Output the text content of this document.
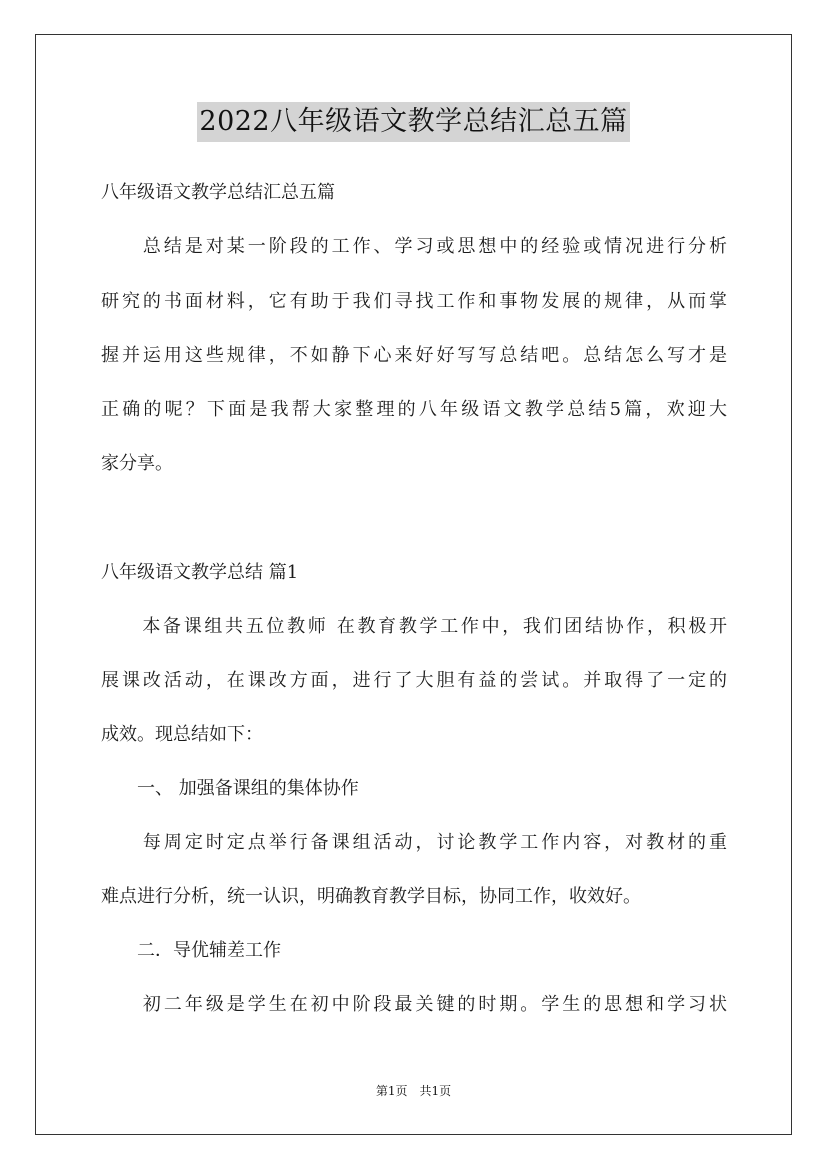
2022八年级语文教学总结汇总五篇
八年级语文教学总结汇总五篇
　　总结是对某一阶段的工作、学习或思想中的经验或情况进行分析
研究的书面材料，它有助于我们寻找工作和事物发展的规律，从而掌
握并运用这些规律，不如静下心来好好写写总结吧。总结怎么写才是
正确的呢？下面是我帮大家整理的八年级语文教学总结5篇，欢迎大
家分享。
八年级语文教学总结 篇1
　　本备课组共五位教师 在教育教学工作中，我们团结协作，积极开
展课改活动，在课改方面，进行了大胆有益的尝试。并取得了一定的
成效。现总结如下：
　　一、 加强备课组的集体协作
　　每周定时定点举行备课组活动，讨论教学工作内容，对教材的重
难点进行分析，统一认识，明确教育教学目标，协同工作，收效好。
　　二．导优辅差工作
　　初二年级是学生在初中阶段最关键的时期。学生的思想和学习状
第1页　共1页
